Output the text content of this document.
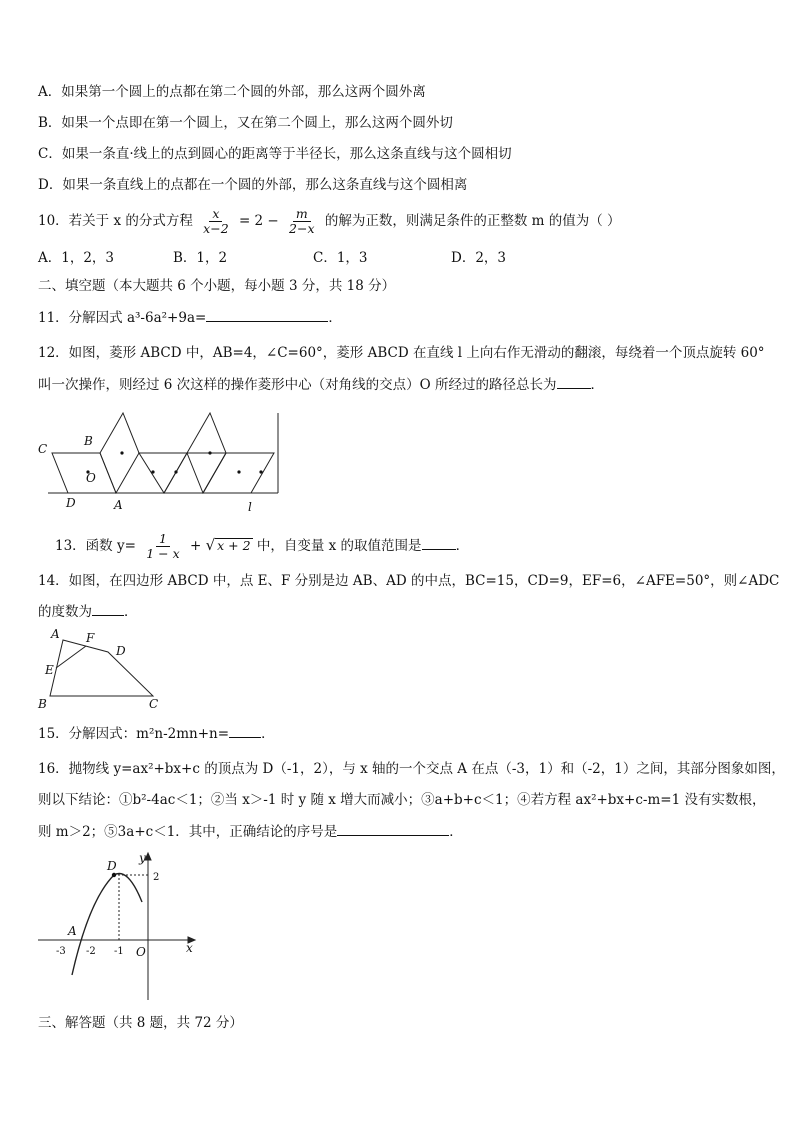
A．如果第一个圆上的点都在第二个圆的外部，那么这两个圆外离
B．如果一个点即在第一个圆上，又在第二个圆上，那么这两个圆外切
C．如果一条直·线上的点到圆心的距离等于半径长，那么这条直线与这个圆相切
D．如果一条直线上的点都在一个圆的外部，那么这条直线与这个圆相离
10．若关于 x 的分式方程 $\frac{x}{x-2} = 2 - \frac{m}{2-x}$ 的解为正数，则满足条件的正整数 m 的值为（ ）
A．1，2，3	B．1，2	C．1，3	D．2，3
二、填空题（本大题共 6 个小题，每小题 3 分，共 18 分）
11．分解因式 a³-6a²+9a=	．
12．如图，菱形 ABCD 中，AB=4，∠C=60°，菱形 ABCD 在直线 l 上向右作无滑动的翻滚，每绕着一个顶点旋转 60°
叫一次操作，则经过 6 次这样的操作菱形中心（对角线的交点）O 所经过的路径总长为	．
C
B
O
D	A	l
13．函数 $y= \frac{1}{1 - x}$ + √ x + 2 中，自变量 x 的取值范围是	．
14．如图，在四边形 ABCD 中，点 E、F 分别是边 AB、AD 的中点，BC=15，CD=9，EF=6，∠AFE=50°，则∠ADC
的度数为 ．
A F
D
E
B	C
15．分解因式：m²n-2mn+n= ．
16．抛物线 y=ax²+bx+c 的顶点为 D（-1，2），与 x 轴的一个交点 A 在点（-3，1）和（-2，1）之间，其部分图象如图，
则以下结论：①b²-4ac＜1；②当 x＞-1 时 y 随 x 增大而减小；③a+b+c＜1；④若方程 ax²+bx+c-m=1 没有实数根，
则 m＞2；⑤3a+c＜1．其中，正确结论的序号是	．
D
y
A
x
O
2
-3 -2 -1
三、解答题（共 8 题，共 72 分）
